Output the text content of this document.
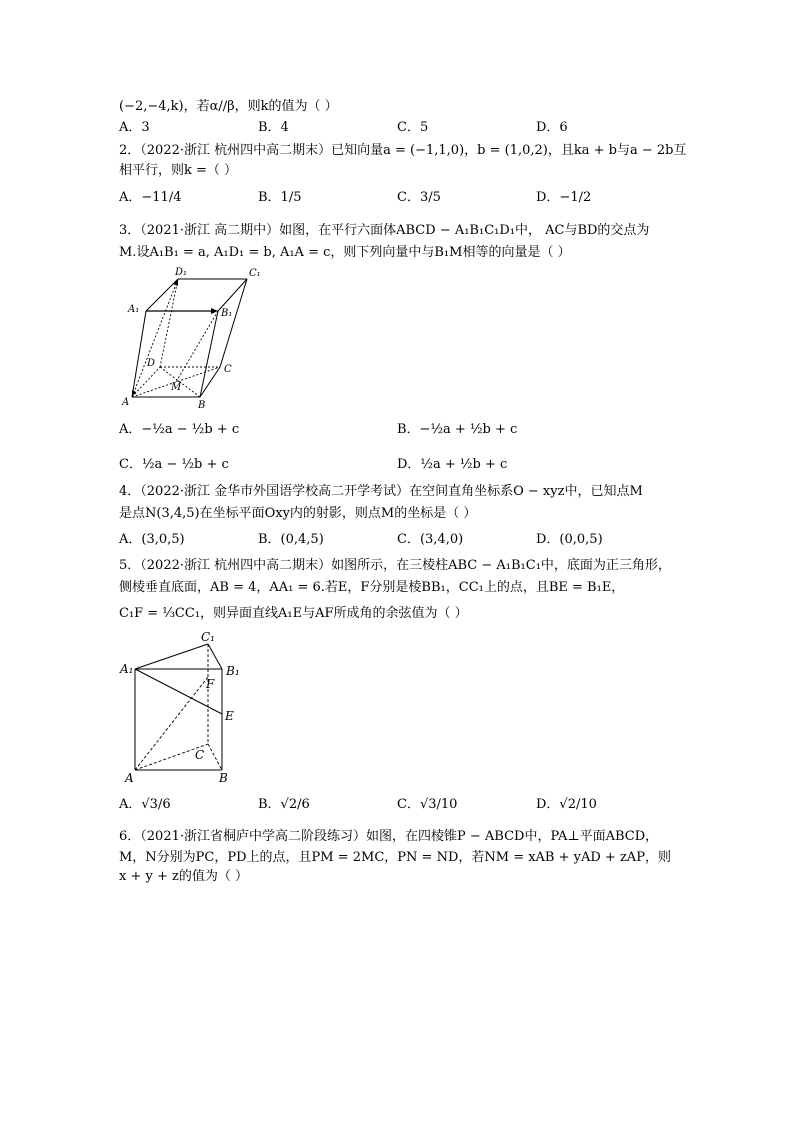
(−2,−4,k)，若α//β，则k的值为（ ）
A．3	B．4	C．5	D．6
2．（2022·浙江 杭州四中高二期末）已知向量a = (−1,1,0)，b = (1,0,2)，且ka + b与a − 2b互
相平行，则k =（ ）
A．−11/4	B．1/5	C．3/5	D．−1/2
3．（2021·浙江 高二期中）如图，在平行六面体ABCD − A₁B₁C₁D₁中， AC与BD的交点为
M.设A₁B₁ = a, A₁D₁ = b, A₁A = c，则下列向量中与B₁M相等的向量是（ ）
A	B
C
D
A₁	B₁
C₁
D₁
M
A．−½a − ½b + c	B．−½a + ½b + c
C．½a − ½b + c	D．½a + ½b + c
4．（2022·浙江 金华市外国语学校高二开学考试）在空间直角坐标系O − xyz中，已知点M
是点N(3,4,5)在坐标平面Oxy内的射影，则点M的坐标是（ ）
A．(3,0,5)	B．(0,4,5)	C．(3,4,0)	D．(0,0,5)
5．（2022·浙江 杭州四中高二期末）如图所示，在三棱柱ABC − A₁B₁C₁中，底面为正三角形，
侧棱垂直底面，AB = 4，AA₁ = 6.若E，F分别是棱BB₁，CC₁上的点，且BE = B₁E，
C₁F = ⅓CC₁，则异面直线A₁E与AF所成角的余弦值为（ ）
A	B
C
A₁	B₁
C₁
E
F
A．√3/6	B．√2/6	C．√3/10	D．√2/10
6．（2021·浙江省桐庐中学高二阶段练习）如图，在四棱锥P − ABCD中，PA⊥平面ABCD，
M，N分别为PC，PD上的点，且PM = 2MC，PN = ND，若NM = xAB + yAD + zAP，则
x + y + z的值为（ ）
